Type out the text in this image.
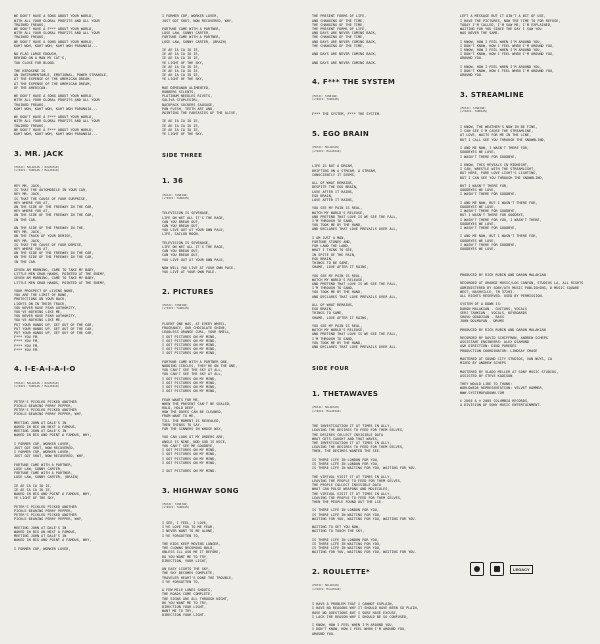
WE DON'T HAVE A SONG ABOUT YOUR WORLD,
WITH ALL YOUR GLOBAL PROFITS AND ALL YOUR
TRAINED FREAKS,
WE DON'T HAVE A F*** ABOUT YOUR WORLD,
WITH ALL YOUR GLOBAL PROFITS AND ALL YOUR
TRAINED FREAKS,
WE DON'T HAVE A SONG ABOUT YOUR WORLD,
KAHT WOH, KAHT WOH, KAHT WOH PARANOIA...

NO FLAG LARGE ENOUGH,
BEHIND ON A MAN MY CAT'S,
TOO CLOSE FOR BLOOD.

THE KEROSENE IS
AN INSTRUMENTABLE, EMOTIONAL, POWER STRANGLE,
AT THE EXPENSE OF THE AMERICAN DREAM,
AT THE EXPENSE OF THE AMERICAN DREAM,
OF THE AMERICAN.

WE DON'T HAVE A SONG ABOUT YOUR WORLD,
WITH ALL YOUR GLOBAL PROFITS AND ALL YOUR
TRAINED FREAKS,
KAHT WOH, KAHT WOH, KAHT WOH PARANOIA...

WE DON'T HAVE A F*** ABOUT YOUR WORLD,
WITH ALL YOUR GLOBAL PROFITS AND ALL YOUR
TRAINED FREAKS,
WE DON'T HAVE A F*** ABOUT YOUR WORLD,
KAHT WOH, KAHT WOH, KAHT WOH PARANOIA...

3. MR. JACK

(MUSIC: MALAKIAN / DOLMAYAN)
(LYRICS: TANKIAN / MALAKIAN)

HEY MR. JACK,
IS THAT THE AUTOMOBILE IN YOUR CAR,
HEY MR. JACK,
IS THAT THE CAUSE OF YOUR SURPRISE,
HEY WHERE YOU AT,
ON THE SIDE OF THE FREEWAY IN THE CAR,
HEY WHERE YOU AT,
ON THE SIDE OF THE FREEWAY IN THE CAR,
IN THE CAR.

ON THE SIDE OF THE FREEWAY IN THE,
HEY MR. JACK,
ON THE TRACK OF YOUR DEMISE,
HEY MR. JACK,
IS THAT THE CAUSE OF YOUR DEMISE,
HEY WHERE YOU AT,
ON THE SIDE OF THE FREEWAY IN THE CAR,
ON THE SIDE OF THE FREEWAY IN THE CAR,
IN THE CAR.

SEVEN AM MORNING, CAME TO TAKE MY BABY,
LITTLE MEN GRAB HANDS, POINTED AT THE ENEMY,
SEVEN AM MORNING, CAME TO TAKE MY BABY,
LITTLE MEN GRAB HANDS, POINTED AT THE ENEMY,

YOUR PROSPECT OF LIVING NONE,
YOU ARE THE LIMIT OF BONE,
PROTECTIONS ON YOUR BACK,
LIGHTS ON IN THEIR TRACK,
YOU NEVER HAVE FEAR AUTHORITY,
YOU'VE NOTHING LIKE ME,
YOU NEVER HAVE FEAR AUTHORITY,
YOU'VE NOTHING LIKE ME,
PUT YOUR HANDS UP, GET OUT OF THE CAR,
PUT YOUR HANDS UP, GET OUT OF THE CAR,
PUT YOUR HANDS UP, GET OUT OF THE CAR,
F*** YOU FM,
F*** YOU FM,
F*** YOU FM,
F*** YOU FM.

4. I-E-A-I-A-I-O

(MUSIC: MALAKIAN / DOLMAYAN)
(LYRICS: TANKIAN / MALAKIAN)

PETER'S PICKLED PICKED ANOTHER
PICKLE BEARING PERRY PEPPER,
PETER'S PICKLED PICKED ANOTHER
PICKLE BEARING PERRY PEPPER, WHY,

MEETING JOHN AT DALE'S IN
WAKED IN BIG AN NEXT A FAMOUS,
MEETING JOHN AT DALE'S IN
WAKED IN BIG AND POINT A FAMOUS, WHY,

I FORMER COP, WORKER LOVER,
JUST GOT SHOT, NOW RECOVERED,
I FORMER COP, WORKER LOVER,
JUST GOT SHOT, NOW RECOVERED, WHY,

FORTUNE CAME WITH A PARTNER,
LOSE LAW, SONNY CARTER,
FORTUNE CAME WITH A PARTNER,
LOSE LAW, SONNY CARTER, (BRAIN)

IE AE IA IA IO IE,
IE AE IA IA IO IE,
WAKED IN BIG AND POINT A FAMOUS, WHY,
YE LIGHT OF THE SKY,

PETER'S PICKLED PICKED ANOTHER
PICKLE BEARING PERRY PEPPER,
PETER'S PICKLED PICKED ANOTHER
PICKLE BEARING PERRY PEPPER, WHY,

MEETING JOHN AT DALE'S IN
WAKED IN BIG AN NEXT A FAMOUS,
MEETING JOHN AT DALE'S IN
WAKED IN BIG AND POINT A FAMOUS, WHY,

I FORMER COP, WORKER LOVER,

I FORMER COP, WORKER LOVER,
JUST GOT SHOT, NOW RECOVERED, WHY,

FORTUNE CAME WITH A PARTNER,
LOSE LAW, SONNY CARTER,
FORTUNE CAME WITH A PARTNER,
LOSE LAW, SONNY CARTER, (BRAIN)

IE AE IA IA IO IE,
IE AE IA IA IO IE,
IE AE IA IA IO IE,
YE LIGHT OF THE SKY,
IE AE IA IA IO IE,
IE AE IA IA IO IE,
IE AE IA IA IO IE,
YE LIGHT OF THE SKY,

MAE DEMEANOR ALIMENTED,
RUBBERS SILENTS,
PLATINUM NEEDLES RIVETS,
SALIVA STAPLEGIRL,
BACKPACK SUCKERS SAUSAGE,
PAN FLESH, TEETH ART AND,
PAINTING THE FANTASIES OF THE ALIVE,

IE AE IA IA IO IE,
IE AE IA IA IO IE,
IE AE IA IA IO IE,
YE LIGHT OF THE SKY.

SIDE THREE

1. 36

(MUSIC: TANKIAN)
(LYRICS: TANKIAN)

TELEVISION IS SEVENAGE,
LIFE ON WET ALL IT'S THE RAGE,
CAN YOU BREAK OUT,
CAN YOU BREAK OUT,
YOU LIVE OUT AT YOUR OWN PALE,
LIFE, SAILOR MOON.

TELEVISION IS SEVENAGE,
LIFE ON WET ALL IT'S THE RAGE,
CAN YOU BREAK OUT,
CAN YOU BREAK OUT,
YOU LIVE OUT AT YOUR OWN PALE,

NOW WILL YOU LIVE AT YOUR OWN PACE,
YOU LIVE AT YOUR OWN PALE.

2. PICTURES

(MUSIC: TANKIAN)
(LYRICS: TANKIAN)

FLUENT ONE WAS, AT EVERY WHEEL,
FRAGRANCY, OUR CHOCOLATE SHINE,
LEADLESS ORANGE CURL, YOUR SMELL,
I GOT PICTURES ON MY MIND,
I GOT PICTURES ON MY MIND,
I GOT PICTURES ON MY MIND,
I GOT PICTURES ON MY MIND,
I GOT PICTURES ON MY MIND,

FORTUNE CAME WITH A PARTNER ONE,
NODDING CIRCLES, THEY'RE ON THE ONE,
YOU CAN'T SEE THE SKY AT ALL,
YOU CAN'T SEE THE SKY AT ALL,
I GOT PICTURES ON MY MIND,
I GOT PICTURES ON MY MIND,
I GOT PICTURES ON MY MIND,
I GOT PICTURES ON MY MIND,

FEAR WANTS FOR ME,
WHEN THE PRESENT CAN'T BE SEALED,
HOLD, HOLD DEEP,
HOW THE DOVES CAN BE CLEANED,
FROM WANT TO ME,
TILL THE MOMENT IS REVEALED,
THEN THINGS TO SAY.
FOR THE SINNERS IN WHOSE WAY,

YOU CAN LOOK AT MY ORDERS ARE,
ANGLE IS NINE, NOD GOD IS NICE,
YOU CAN'T SEE ME GOODBYE,
I GOT PICTURES ON MY MIND,
I GOT PICTURES ON MY MIND,
I GOT PICTURES ON MY MIND,
I GOT PICTURES ON MY MIND,

I GOT PICTURES ON MY MIND.

3. HIGHWAY SONG

(MUSIC: TANKIAN)
(LYRICS: TANKIAN)

I SEE, I FEEL, I LOVE,
I'VE LOVE YOU TO ME FEAR,
I NEVER WANT TO BE ALONE,
I'VE FORGOTTEN TO,

THE KIDS KEEP MOVING LONGER,
THE CLOWNS BECOMING BOLD,
UNLESS ILL ASK ME IT BEFORE,
DO YOU WANT ME TO TRY,
DIRECTION, YOUR LIGHT,

AN EASY LIGHTS THE SKY,
THE SKY BECOMES COMPLETE,
TRAVELER HEART'S DONE THE TROUBLE,
I'VE FORGOTTEN TO,

A FEW MILE LONES SHOUTS,
THE ROADS COME COMPLETE,
THE SIGNS ARE ALL THROUGH NIGHT,
DO YOU WANT ME TO TRY,
DIRECTION YOUR LIGHT,
WANT ME TO TRY,
DIRECTION YOUR LIGHT.

THE PRESENT FORMS OF LIFE,
AND CHANGING OF THE TIME,
THE CHANGING OF THE TIME,
THE PRESENT FORMS OF LIFE,
AND DAYS ARE NEVER COMING BACK,
THE CHANGING OF THE TIME,
AND DAYS ARE NEVER COMING BACK,
THE CHANGING OF THE TIME,

AND DAYS ARE NEVER COMING BACK,

AND DAYS ARE NEVER COMING BACK.

4. F*** THE SYSTEM

(MUSIC: TANKIAN)
(LYRICS: TANKIAN)

F*** THE SYSTEM, F*** THE SYSTEM.

5. EGO BRAIN

(MUSIC: MALAKIAN)
(LYRICS: MALAKIAN)

LIFE IS BUT A DREAM,
DRIFTING ON A STREAM, A STREAM,
CONSCIENTLY IT SEEMS,

ALL OF WHAT REMAINS,
DESPITE THE EGO BRAIN,
LOVE AFTER IT RAINS,
EGO BRAIN,
LOVE AFTER IT RAINS,

YOU SEE MY PAIN IS REAL,
WATCH MY WORLD'S RELEASE,
AND PRETEND THAT LOVE IS WE SEE THE FALL,
I'M THROUGH TO SAND,
YOU TOOK ME BY THE HAND,
AND DECLARES THAT LOVE PREVAILS OVER ALL,

I AM JUST A MAN,
FORTUNE STONES AND,
FOR LAND THE LAND,
WHAT I THINK TO SEE,
IN SPITE OF THE PAIN,
EGO BRAIN,
THINGS TO BE SAME,
SHAME, LOVE AFTER IT RAINS,

YOU SEE MY PAIN IS REAL,
WATCH MY WORLD'S RELEASE,
AND PRETEND THAT LOVE IS WE SEE THE FALL,
I'M THROUGH TO SAND,
YOU TOOK ME BY THE HAND,
AND DECLARES THAT LOVE PREVAILS OVER ALL,

ALL OF WHAT REMAINS,
EGO BRAIN,
THINGS TO SAME,
SHAME, LOVE AFTER IT RAINS,

YOU SEE MY PAIN IS REAL,
WATCH MY WORLD'S RELEASE,
AND PRETEND THAT LOVE IS WE SEE THE FALL,
I'M THROUGH TO SAND,
YOU TOOK ME BY THE HAND,
AND DECLARES THAT LOVE PREVAILS OVER ALL.

SIDE FOUR

1. THETAWAVES

(MUSIC: MALAKIAN)
(LYRICS: MALAKIAN)

THE INVESTIGATION IT AT TIMES IN ALLY,
LEAVING THE DESIRES TO FEED FOR THEM SELVES,
THE DESIRES COLLECT INVISIBLE DATA
WHAT GETS CAUGHT AND THAT WAVES,
THE INVESTIGATION IT AT TIMES IN ALLY,
LEAVING THE DESIRES TO FEED FOR THEM SELVES,
THEN, THE DESIRES WANTED THE SEE.

IS THERE LIFE IN LONDON FOR YOU,
IS THERE LIFE IN LONDON FOR YOU,
IS THERE LIFE IN WAITING FOR YOU, WAITING FOR YOU.

THE VIRTUAL VISIT IT AT TIMES IN ALLY,
LEAVING THE PEOPLE TO FEED FOR THEM SELVES,
THE PEOPLE COLLECT INVISIBLE DATA
WHAT CAN PULSE WEAPONS AND MOLECULES,
THE VIRTUAL VISIT IT AT TIMES IN ALLY,
LEAVING THE PEOPLE TO FEED FOR THEM SELVES,
THEN THE PEOPLE FOUND OUT THE LIE.

IS THERE LIFE IN LONDON FOR YOU,
IS THERE LIFE IN WAITING FOR YOU,
WAITING FOR YOU, WAITING FOR YOU, WAITING FOR YOU.

WAITING TO GET YOU NOW,
WAITING TO TOUCH THE SKY,

IS THERE LIFE IN LONDON FOR YOU,
IS THERE LIFE IN WAITING FOR YOU,
IS THERE LIFE IN WAITING FOR YOU,
WAITING FOR YOU, WAITING FOR YOU, WAITING FOR YOU.

2. ROULETTE*

(MUSIC: MALAKIAN)
(LYRICS: MALAKIAN)

I HAVE A PROBLEM THAT I CANNOT EXPLAIN,
I HAVE NO REASONS WHY IT SHOULD HAVE BEEN SO PLAIN,
HAVE NO QUESTIONS BUT I SURE HAVE EXCUSE,
I LACK THE REASON WHY I SHOULD BE SO CONFUSED,

I KNOW, HOW I FEEL WHEN I'M AROUND YOU,
I DON'T KNOW, HOW I FEEL WHEN I'M AROUND YOU,
AROUND YOU.

LEFT A MESSAGE BUT IT AIN'T A BIT OF USE,
I HAVE THE PICTURES, NOW THE TIME TO FOR REFUSE,
TODAY I'M CALLED, I'M SAW ME, I'M EXPLAINED,
WAITING FOR YOU SINCE THE DAY I SAW YOU
WAS NEVER THE SAME.

I KNOW, HOW I FEEL WHEN I'M AROUND YOU,
I DON'T KNOW, HOW I FEEL WHEN I'M AROUND YOU,
I KNOW, HOW I FEEL WHEN I'M AROUND YOU,
I DON'T KNOW, HOW I FEEL WHEN I'M AROUND YOU,
AROUND YOU.

I KNOW, HOW I FEEL WHEN I'M AROUND YOU,
I DON'T KNOW, HOW I FEEL WHEN I'M AROUND YOU,
AROUND YOU.

3. STREAMLINE

(MUSIC: TANKIAN)
(LYRICS: TANKIAN)

I KNOW, THE WEATHER'S NOW IN BE FINE,
I CAN SEE I'M CAUSE THE STREAMLINE,
AT LOVE, WAITS FOR ME IN THE LINE,
BUT I CALL SEE YOU THROUGH THE SNOWBLIND,

I AND ME NOW, I WASN'T THERE FOR,
GOODBYES WE LOVE,
I WASN'T THERE FOR GOODBYE,

I KNOW, THIS REVEALS IN MIDNIGHT,
I CAN, WRESTLE WITH THE STREAMLIGHT,
BUT HERE, FORE LOVE LIGHT'S LIGHTING,
BUT I CAN SEE YOU THROUGH THE SNOWBLIND,

BUT I WASN'T THERE FOR,
GOODBYES WE LOVE,
I WASN'T THERE FOR GOODBYE.

I AND ME NOW, BUT I WASN'T THERE FOR,
GOODBYES WE LOVE,
I WASN'T THERE FOR GOODBYE,
BUT I WASN'T THERE FOR GOODBYE,
I WASN'T THERE FOR YOU, I WASN'T THERE,
GOODBYES WE LOVE,
I WASN'T THERE FOR GOODBYE,

I AND ME NOW, BUT I WASN'T THERE FOR,
GOODBYES WE LOVE,
I WASN'T THERE FOR GOODBYE,
GOODBYES WE LOVE.

PRODUCED BY RICK RUBIN AND DARON MALAKIAN

RECORDED AT ORANGE MUSIC/LOG CANYON, STUDIOS LA, ALL RIGHTS ADMINISTERED BY SONY/ATV MUSIC PUBLISHING, 8 MUSIC SQUARE WEST, NASHVILLE, TN 37203.
ALL RIGHTS RESERVED. USED BY PERMISSION.

SYSTEM OF A DOWN IS:
DARON MALAKIAN - GUITARS, VOCALS
SERJ TANKIAN - VOCALS, KEYBOARDS
SHAVO ODADJIAN - BASS
JOHN DOLMAYAN - DRUMS

PRODUCED BY RICK RUBIN AND DARON MALAKIAN

RECORDED BY DAVID SCHIFFMAN, ANDREW SCHEPS
ASSISTANT ENGINEERS: ALEX DIAMOND
A&R DIRECTION: DINO PAREDES
PRODUCTION COORDINATOR: LINDSAY CHASE

MASTERED AT SOUND CITY STUDIOS, VAN NUYS, CA
MIXED BY ANDREW SCHEPS

MASTERED BY VLADO MELLER AT SONY MUSIC STUDIOS,
ASSISTED BY STEVE KADISON

THEY WOULD LIKE TO THANK:
WORLDWIDE REPRESENTATION: VELVET HAMMER,
WWW.SYSTEMOFADOWN.COM

© 2005 & ℗ 2005 COLUMBIA RECORDS,
A DIVISION OF SONY MUSIC ENTERTAINMENT.

LEGACY
